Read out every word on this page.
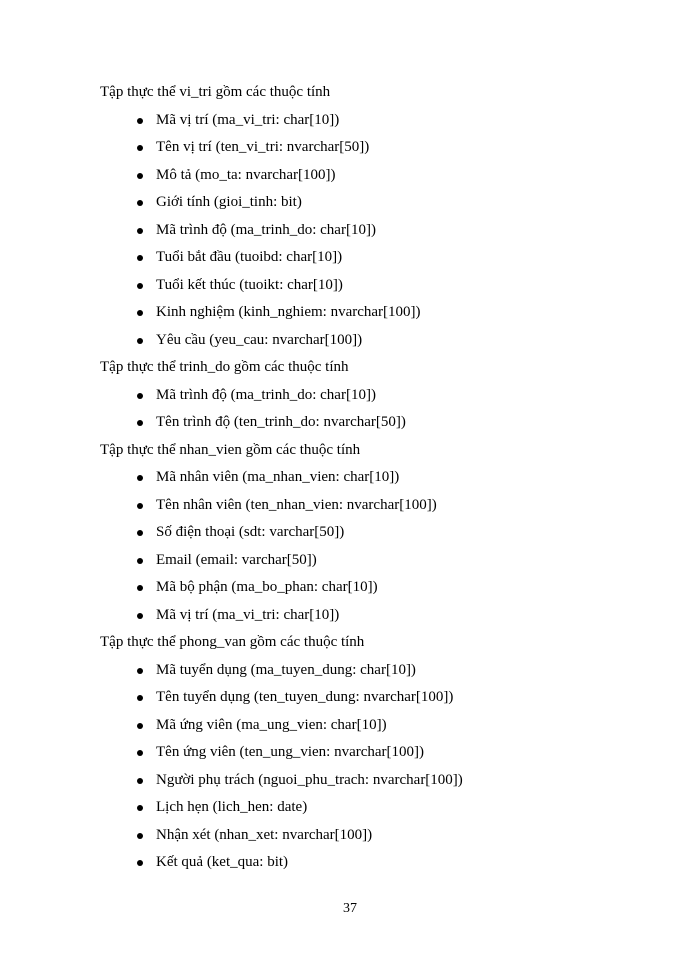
Tập thực thể vi_tri gồm các thuộc tính
Mã vị trí (ma_vi_tri: char[10])
Tên vị trí (ten_vi_tri: nvarchar[50])
Mô tả (mo_ta: nvarchar[100])
Giới tính (gioi_tinh: bit)
Mã trình độ (ma_trinh_do: char[10])
Tuổi bắt đầu (tuoibd: char[10])
Tuổi kết thúc (tuoikt: char[10])
Kinh nghiệm (kinh_nghiem: nvarchar[100])
Yêu cầu (yeu_cau: nvarchar[100])
Tập thực thể trinh_do gồm các thuộc tính
Mã trình độ (ma_trinh_do: char[10])
Tên trình độ (ten_trinh_do: nvarchar[50])
Tập thực thể nhan_vien gồm các thuộc tính
Mã nhân viên (ma_nhan_vien: char[10])
Tên nhân viên (ten_nhan_vien: nvarchar[100])
Số điện thoại (sdt: varchar[50])
Email (email: varchar[50])
Mã bộ phận (ma_bo_phan: char[10])
Mã vị trí (ma_vi_tri: char[10])
Tập thực thể phong_van gồm các thuộc tính
Mã tuyển dụng (ma_tuyen_dung: char[10])
Tên tuyển dụng (ten_tuyen_dung: nvarchar[100])
Mã ứng viên (ma_ung_vien: char[10])
Tên ứng viên (ten_ung_vien: nvarchar[100])
Người phụ trách (nguoi_phu_trach: nvarchar[100])
Lịch hẹn (lich_hen: date)
Nhận xét (nhan_xet: nvarchar[100])
Kết quả (ket_qua: bit)
37
